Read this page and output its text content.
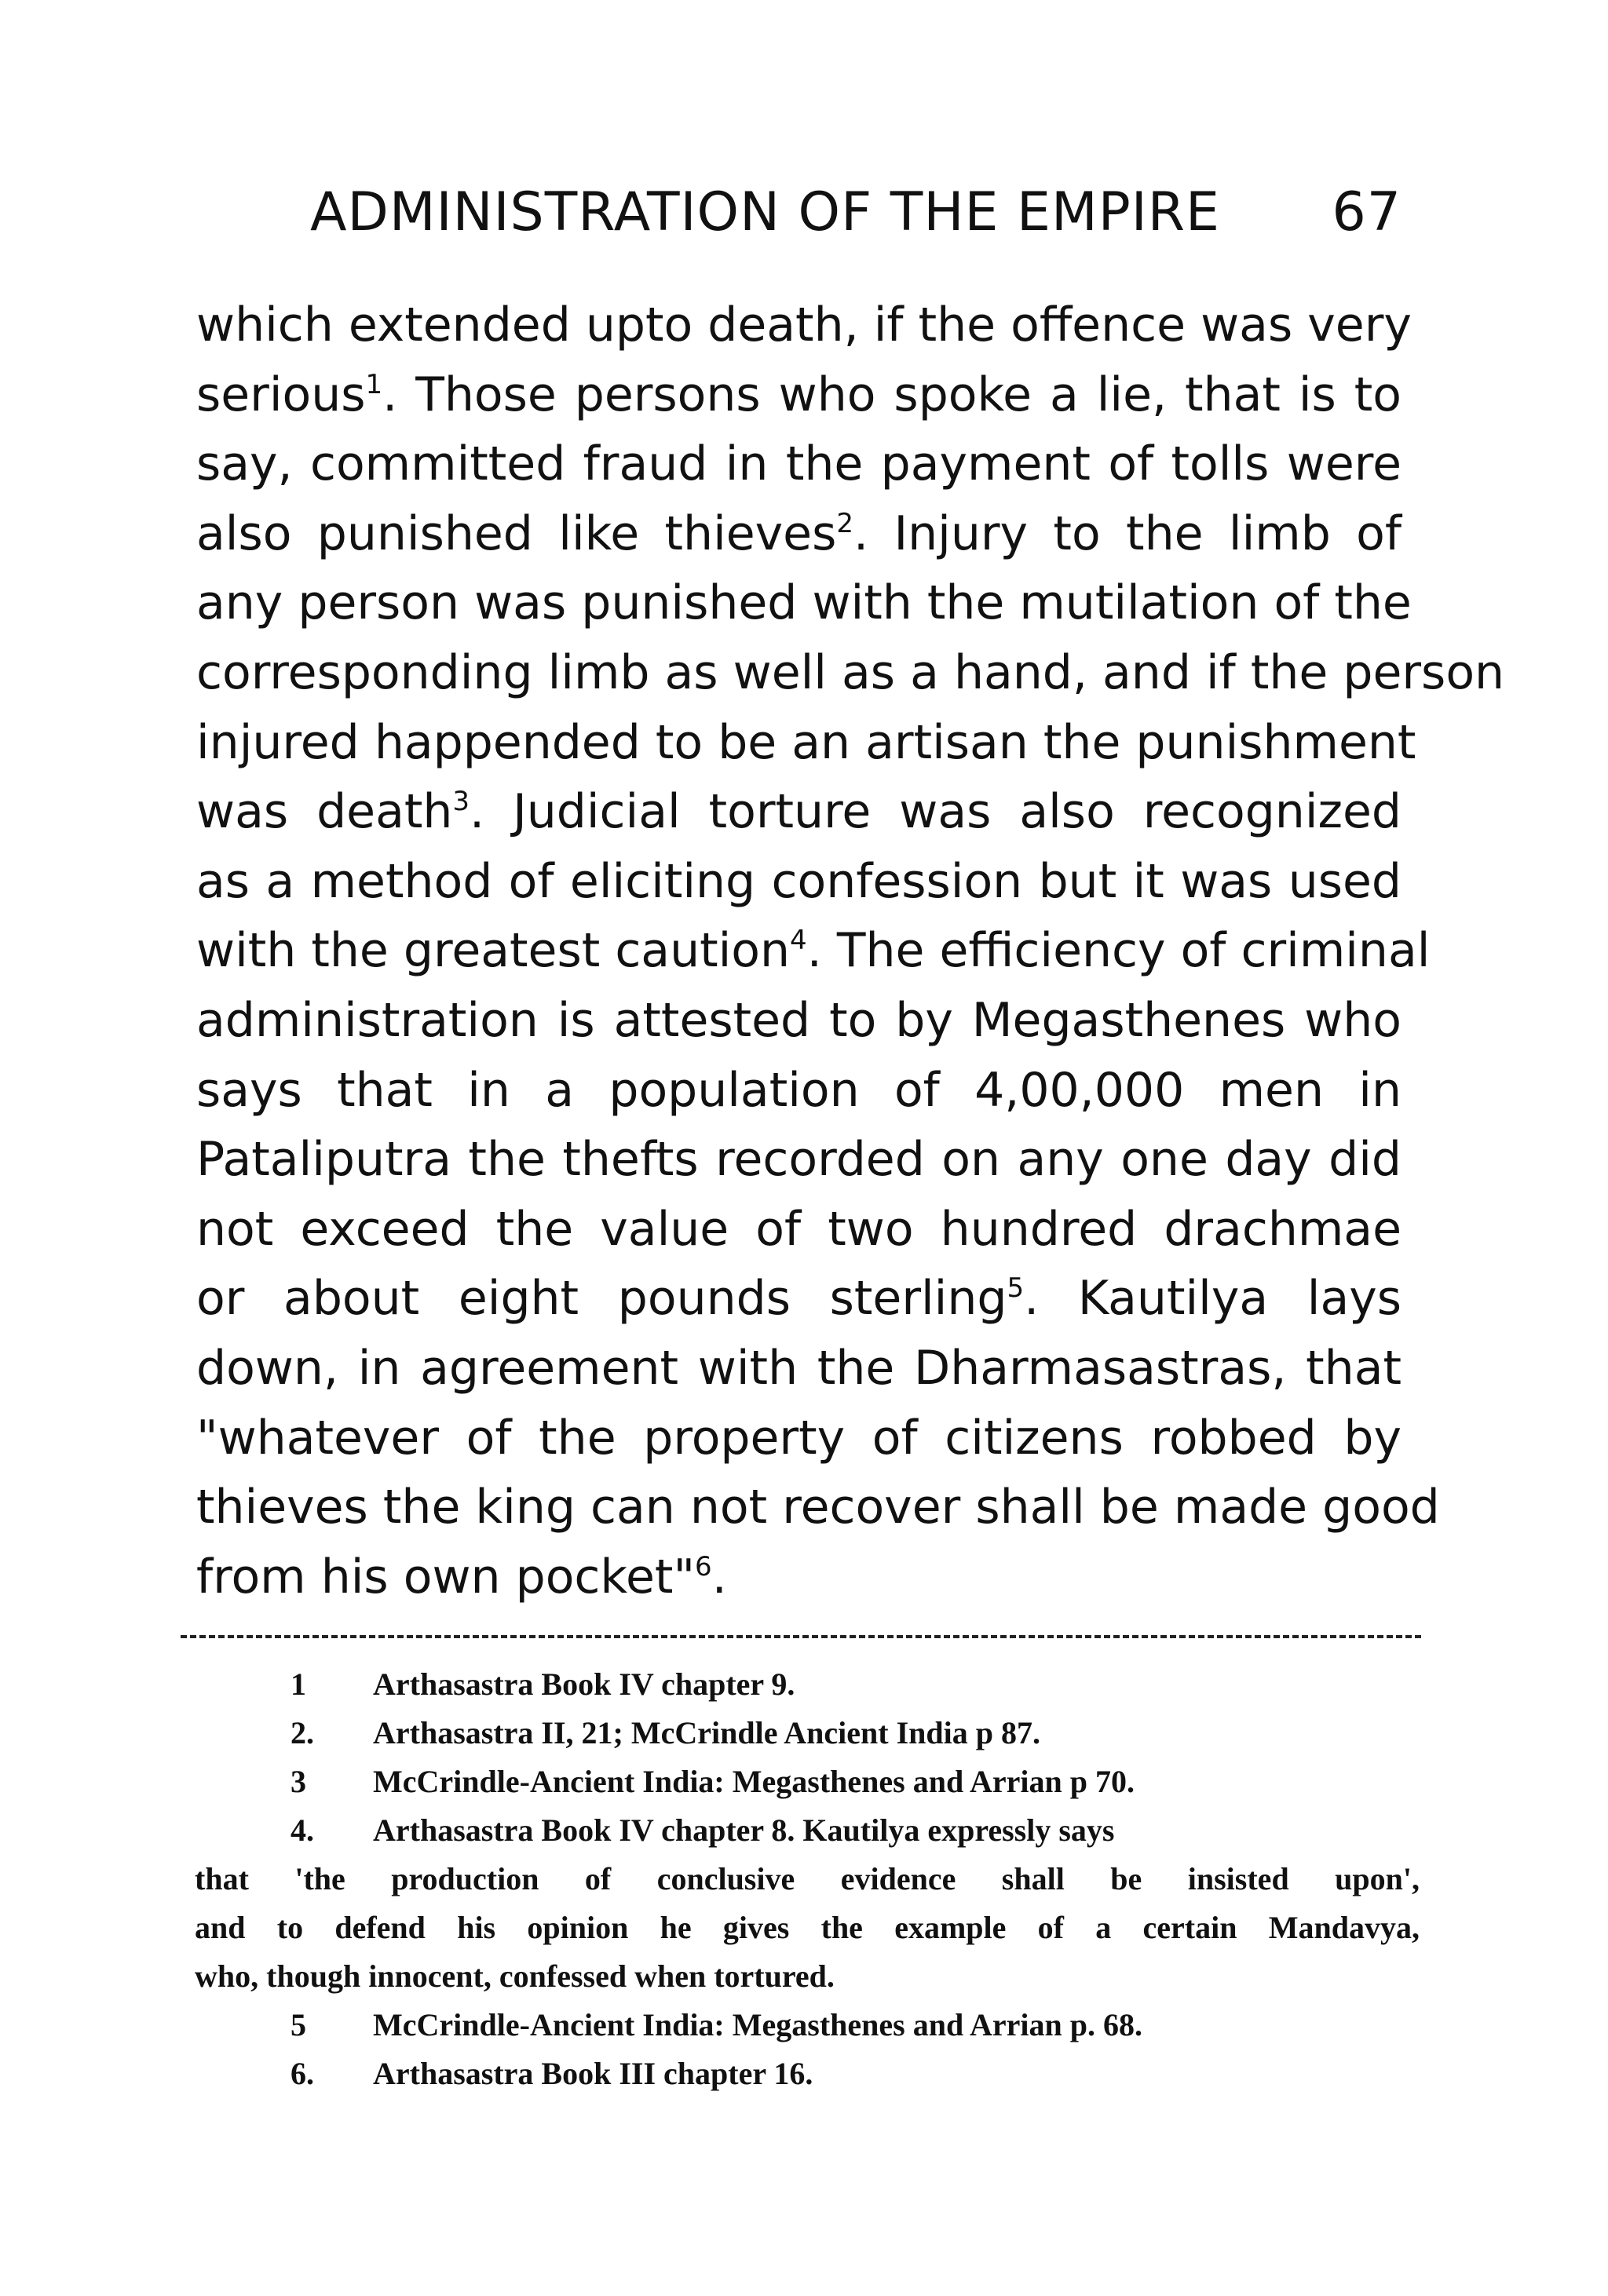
ADMINISTRATION OF THE EMPIRE 67
which extended upto death, if the offence was very
serious$^1$. Those persons who spoke a lie, that is to
say, committed fraud in the payment of tolls were
also punished like thieves$^2$. Injury to the limb of
any person was punished with the mutilation of the
corresponding limb as well as a hand, and if the person
injured happended to be an artisan the punishment
was death$^3$. Judicial torture was also recognized
as a method of eliciting confession but it was used
with the greatest caution$^4$. The efficiency of criminal
administration is attested to by Megasthenes who
says that in a population of 4,00,000 men in
Pataliputra the thefts recorded on any one day did
not exceed the value of two hundred drachmae
or about eight pounds sterling$^5$. Kautilya lays
down, in agreement with the Dharmasastras, that
"whatever of the property of citizens robbed by
thieves the king can not recover shall be made good
from his own pocket"$^6$.
1 Arthasastra Book IV chapter 9.
2. Arthasastra II, 21; McCrindle Ancient India p 87.
3 McCrindle-Ancient India: Megasthenes and Arrian p 70.
4. Arthasastra Book IV chapter 8. Kautilya expressly says
that 'the production of conclusive evidence shall be insisted upon',
and to defend his opinion he gives the example of a certain Mandavya,
who, though innocent, confessed when tortured.
5 McCrindle-Ancient India: Megasthenes and Arrian p. 68.
6. Arthasastra Book III chapter 16.
